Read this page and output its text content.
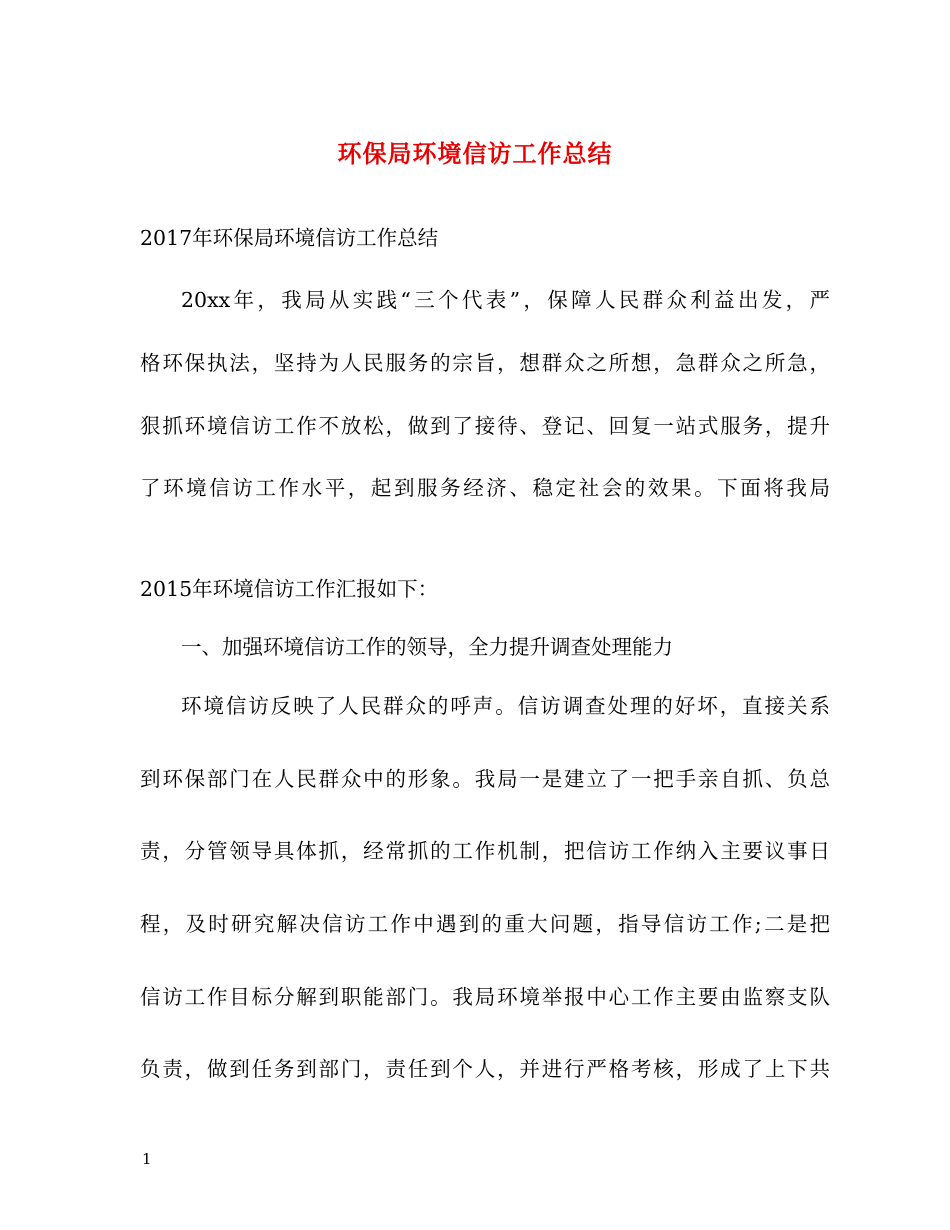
环保局环境信访工作总结
2017年环保局环境信访工作总结
20xx年，我局从实践“三个代表”，保障人民群众利益出发，严
格环保执法，坚持为人民服务的宗旨，想群众之所想，急群众之所急，
狠抓环境信访工作不放松，做到了接待、登记、回复一站式服务，提升
了环境信访工作水平，起到服务经济、稳定社会的效果。下面将我局
2015年环境信访工作汇报如下：
一、加强环境信访工作的领导，全力提升调查处理能力
环境信访反映了人民群众的呼声。信访调查处理的好坏，直接关系
到环保部门在人民群众中的形象。我局一是建立了一把手亲自抓、负总
责，分管领导具体抓，经常抓的工作机制，把信访工作纳入主要议事日
程，及时研究解决信访工作中遇到的重大问题，指导信访工作;二是把
信访工作目标分解到职能部门。我局环境举报中心工作主要由监察支队
负责，做到任务到部门，责任到个人，并进行严格考核，形成了上下共
1
